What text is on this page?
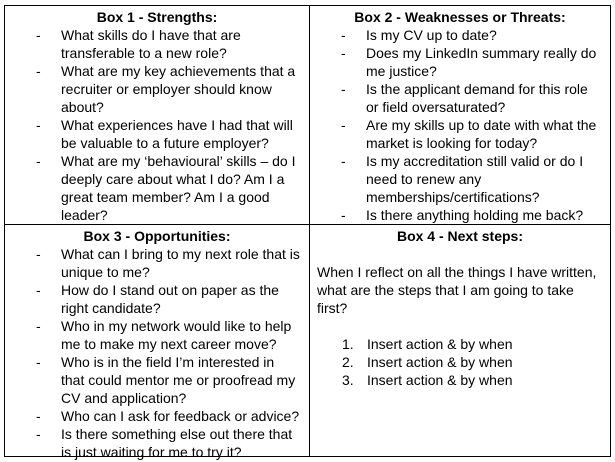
Box 1 - Strengths:
- What skills do I have that are transferable to a new role?
- What are my key achievements that a recruiter or employer should know about?
- What experiences have I had that will be valuable to a future employer?
- What are my ‘behavioural’ skills – do I deeply care about what I do? Am I a great team member? Am I a good leader?
Box 2 - Weaknesses or Threats:
- Is my CV up to date?
- Does my LinkedIn summary really do me justice?
- Is the applicant demand for this role or field oversaturated?
- Are my skills up to date with what the market is looking for today?
- Is my accreditation still valid or do I need to renew any memberships/certifications?
- Is there anything holding me back?
Box 3 - Opportunities:
- What can I bring to my next role that is unique to me?
- How do I stand out on paper as the right candidate?
- Who in my network would like to help me to make my next career move?
- Who is in the field I’m interested in that could mentor me or proofread my CV and application?
- Who can I ask for feedback or advice?
- Is there something else out there that is just waiting for me to try it?
Box 4 - Next steps:
When I reflect on all the things I have written, what are the steps that I am going to take first?
1. Insert action & by when
2. Insert action & by when
3. Insert action & by when
